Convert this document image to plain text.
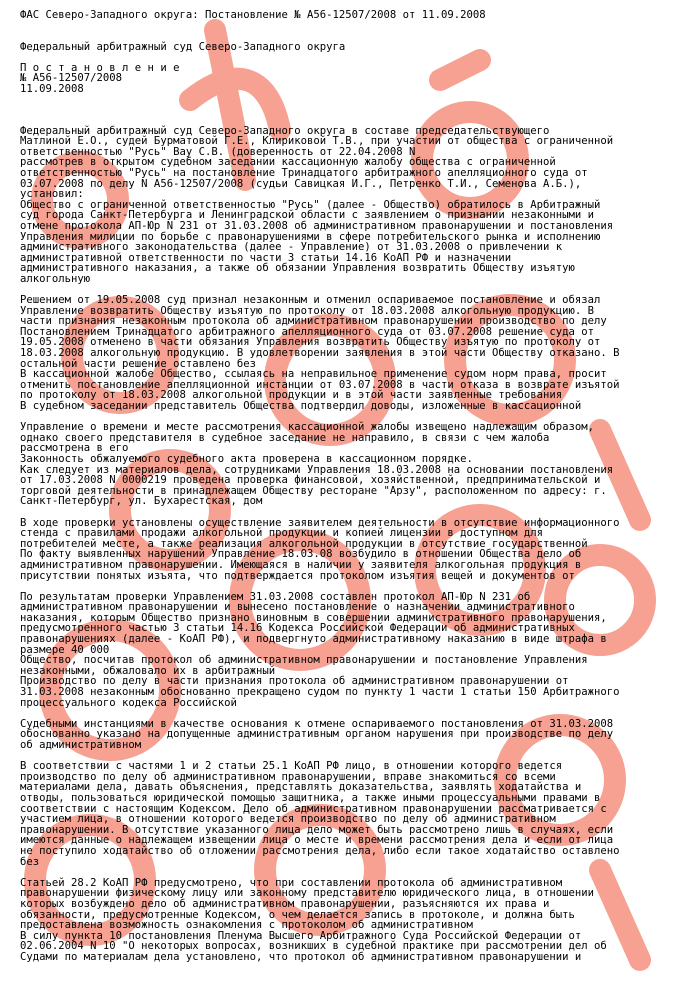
ФАС Северо-Западного округа: Постановление № А56-12507/2008 от 11.09.2008
Федеральный арбитражный суд Северо-Западного округа
П о с т а н о в л е н и е
№ А56-12507/2008
11.09.2008
Федеральный арбитражный суд Северо-Западного округа в составе председательствующего
Матлиной Е.О., судей Бурматовой Г.Е., Клириковой Т.В., при участии от общества с ограниченной
ответственностью "Русь" Вау С.В. (доверенность от 22.04.2008 N
рассмотрев в открытом судебном заседании кассационную жалобу общества с ограниченной
ответственностью "Русь" на постановление Тринадцатого арбитражного апелляционного суда от
03.07.2008 по делу N А56-12507/2008 (судьи Савицкая И.Г., Петренко Т.И., Семенова А.Б.),
установил:
Общество с ограниченной ответственностью "Русь" (далее - Общество) обратилось в Арбитражный
суд города Санкт-Петербурга и Ленинградской области с заявлением о признании незаконными и
отмене протокола АП-Юр N 231 от 31.03.2008 об административном правонарушении и постановления
Управления милиции по борьбе с правонарушениями в сфере потребительского рынка и исполнению
административного законодательства (далее - Управление) от 31.03.2008 о привлечении к
административной ответственности по части 3 статьи 14.16 КоАП РФ и назначении
административного наказания, а также об обязании Управления возвратить Обществу изъятую
алкогольную
Решением от 19.05.2008 суд признал незаконным и отменил оспариваемое постановление и обязал
Управление возвратить Обществу изъятую по протоколу от 18.03.2008 алкогольную продукцию. В
части признания незаконным протокола об административном правонарушении производство по делу
Постановлением Тринадцатого арбитражного апелляционного суда от 03.07.2008 решение суда от
19.05.2008 отменено в части обязания Управления возвратить Обществу изъятую по протоколу от
18.03.2008 алкогольную продукцию. В удовлетворении заявления в этой части Обществу отказано. В
остальной части решение оставлено без
В кассационной жалобе Общество, ссылаясь на неправильное применение судом норм права, просит
отменить постановление апелляционной инстанции от 03.07.2008 в части отказа в возврате изъятой
по протоколу от 18.03.2008 алкогольной продукции и в этой части заявленные требования
В судебном заседании представитель Общества подтвердил доводы, изложенные в кассационной
Управление о времени и месте рассмотрения кассационной жалобы извещено надлежащим образом,
однако своего представителя в судебное заседание не направило, в связи с чем жалоба
рассмотрена в его
Законность обжалуемого судебного акта проверена в кассационном порядке.
Как следует из материалов дела, сотрудниками Управления 18.03.2008 на основании постановления
от 17.03.2008 N 0000219 проведена проверка финансовой, хозяйственной, предпринимательской и
торговой деятельности в принадлежащем Обществу ресторане "Арзу", расположенном по адресу: г.
Санкт-Петербург, ул. Бухарестская, дом
В ходе проверки установлены осуществление заявителем деятельности в отсутствие информационного
стенда с правилами продажи алкогольной продукции и копией лицензии в доступном для
потребителей месте, а также реализация алкогольной продукции в отсутствие государственной
По факту выявленных нарушений Управление 18.03.08 возбудило в отношении Общества дело об
административном правонарушении. Имеющаяся в наличии у заявителя алкогольная продукция в
присутствии понятых изъята, что подтверждается протоколом изъятия вещей и документов от
По результатам проверки Управлением 31.03.2008 составлен протокол АП-Юр N 231 об
административном правонарушении и вынесено постановление о назначении административного
наказания, которым Общество признано виновным в совершении административного правонарушения,
предусмотренного частью 3 статьи 14.16 Кодекса Российской Федерации об административных
правонарушениях (далее - КоАП РФ), и подвергнуто административному наказанию в виде штрафа в
размере 40 000
Общество, посчитав протокол об административном правонарушении и постановление Управления
незаконными, обжаловало их в арбитражный
Производство по делу в части признания протокола об административном правонарушении от
31.03.2008 незаконным обоснованно прекращено судом по пункту 1 части 1 статьи 150 Арбитражного
процессуального кодекса Российской
Судебными инстанциями в качестве основания к отмене оспариваемого постановления от 31.03.2008
обоснованно указано на допущенные административным органом нарушения при производстве по делу
об административном
В соответствии с частями 1 и 2 статьи 25.1 КоАП РФ лицо, в отношении которого ведется
производство по делу об административном правонарушении, вправе знакомиться со всеми
материалами дела, давать объяснения, представлять доказательства, заявлять ходатайства и
отводы, пользоваться юридической помощью защитника, а также иными процессуальными правами в
соответствии с настоящим Кодексом. Дело об административном правонарушении рассматривается с
участием лица, в отношении которого ведется производство по делу об административном
правонарушении. В отсутствие указанного лица дело может быть рассмотрено лишь в случаях, если
имеются данные о надлежащем извещении лица о месте и времени рассмотрения дела и если от лица
не поступило ходатайство об отложении рассмотрения дела, либо если такое ходатайство оставлено
без
Статьей 28.2 КоАП РФ предусмотрено, что при составлении протокола об административном
правонарушении физическому лицу или законному представителю юридического лица, в отношении
которых возбуждено дело об административном правонарушении, разъясняются их права и
обязанности, предусмотренные Кодексом, о чем делается запись в протоколе, и должна быть
предоставлена возможность ознакомления с протоколом об административном
В силу пункта 10 постановления Пленума Высшего Арбитражного Суда Российской Федерации от
02.06.2004 N 10 "О некоторых вопросах, возникших в судебной практике при рассмотрении дел об
Судами по материалам дела установлено, что протокол об административном правонарушении и
